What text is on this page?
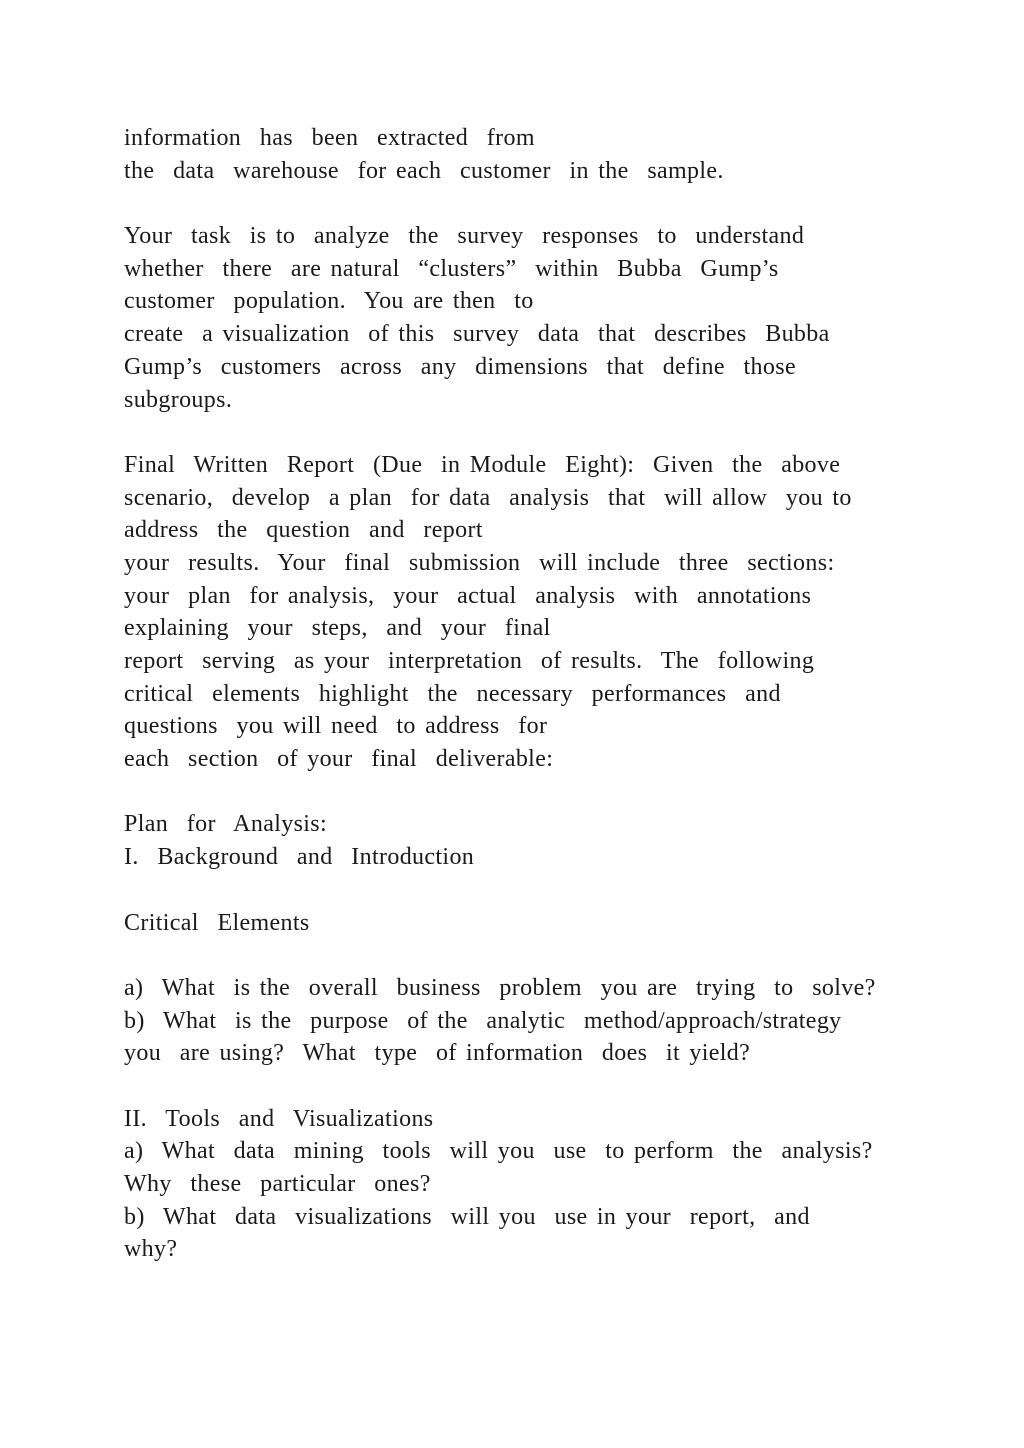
information  has  been  extracted  from
the  data  warehouse  for each  customer  in the  sample.
Your  task  is to  analyze  the  survey  responses  to  understand
whether  there  are natural  “clusters”  within  Bubba  Gump’s
customer  population.  You are then  to
create  a visualization  of this  survey  data  that  describes  Bubba
Gump’s  customers  across  any  dimensions  that  define  those
subgroups.
Final  Written  Report  (Due  in Module  Eight):  Given  the  above
scenario,  develop  a plan  for data  analysis  that  will allow  you to
address  the  question  and  report
your  results.  Your  final  submission  will include  three  sections:
your  plan  for analysis,  your  actual  analysis  with  annotations
explaining  your  steps,  and  your  final
report  serving  as your  interpretation  of results.  The  following
critical  elements  highlight  the  necessary  performances  and
questions  you will need  to address  for
each  section  of your  final  deliverable:
Plan  for  Analysis:
I.  Background  and  Introduction
Critical  Elements
a)  What  is the  overall  business  problem  you are  trying  to  solve?
b)  What  is the  purpose  of the  analytic  method/approach/strategy
you  are using?  What  type  of information  does  it yield?
II.  Tools  and  Visualizations
a)  What  data  mining  tools  will you  use  to perform  the  analysis?
Why  these  particular  ones?
b)  What  data  visualizations  will you  use in your  report,  and
why?
